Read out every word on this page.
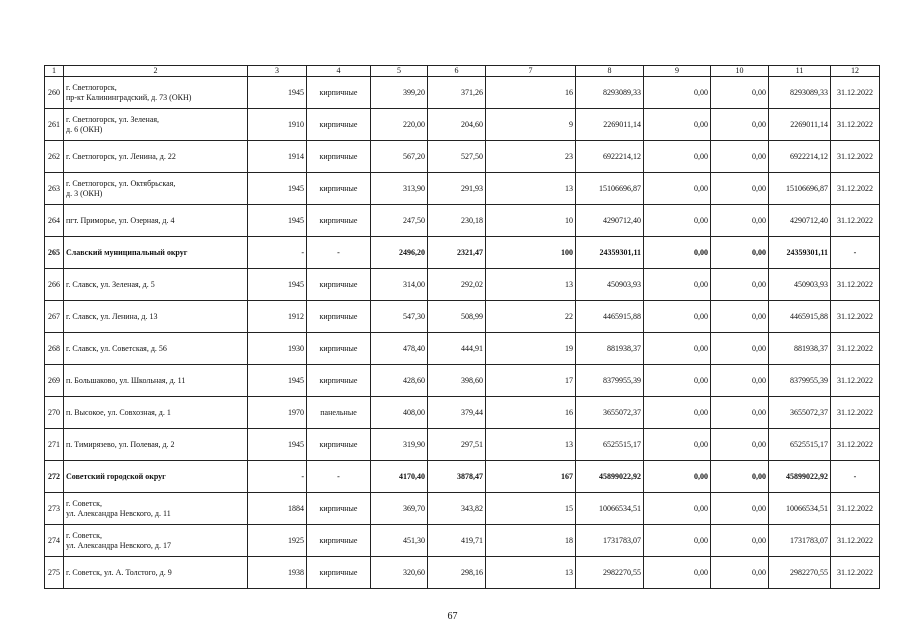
1	2	3	4	5	6	7	8	9	10	11	12
260	г. Светлогорск,
пр-кт Калининградский, д. 73 (ОКН)	1945	кирпичные	399,20	371,26	16	8293089,33	0,00	0,00	8293089,33	31.12.2022
261	г. Светлогорск, ул. Зеленая,
д. 6 (ОКН)	1910	кирпичные	220,00	204,60	9	2269011,14	0,00	0,00	2269011,14	31.12.2022
262	г. Светлогорск, ул. Ленина, д. 22	1914	кирпичные	567,20	527,50	23	6922214,12	0,00	0,00	6922214,12	31.12.2022
263	г. Светлогорск, ул. Октябрьская,
д. 3 (ОКН)	1945	кирпичные	313,90	291,93	13	15106696,87	0,00	0,00	15106696,87	31.12.2022
264	пгт. Приморье, ул. Озерная, д. 4	1945	кирпичные	247,50	230,18	10	4290712,40	0,00	0,00	4290712,40	31.12.2022
265	Славский муниципальный округ	-	-	2496,20	2321,47	100	24359301,11	0,00	0,00	24359301,11	-
266	г. Славск, ул. Зеленая, д. 5	1945	кирпичные	314,00	292,02	13	450903,93	0,00	0,00	450903,93	31.12.2022
267	г. Славск, ул. Ленина, д. 13	1912	кирпичные	547,30	508,99	22	4465915,88	0,00	0,00	4465915,88	31.12.2022
268	г. Славск, ул. Советская, д. 56	1930	кирпичные	478,40	444,91	19	881938,37	0,00	0,00	881938,37	31.12.2022
269	п. Большаково, ул. Школьная, д. 11	1945	кирпичные	428,60	398,60	17	8379955,39	0,00	0,00	8379955,39	31.12.2022
270	п. Высокое, ул. Совхозная, д. 1	1970	панельные	408,00	379,44	16	3655072,37	0,00	0,00	3655072,37	31.12.2022
271	п. Тимирязево, ул. Полевая, д. 2	1945	кирпичные	319,90	297,51	13	6525515,17	0,00	0,00	6525515,17	31.12.2022
272	Советский городской округ	-	-	4170,40	3878,47	167	45899022,92	0,00	0,00	45899022,92	-
273	г. Советск,
ул. Александра Невского, д. 11	1884	кирпичные	369,70	343,82	15	10066534,51	0,00	0,00	10066534,51	31.12.2022
274	г. Советск,
ул. Александра Невского, д. 17	1925	кирпичные	451,30	419,71	18	1731783,07	0,00	0,00	1731783,07	31.12.2022
275	г. Советск, ул. А. Толстого, д. 9	1938	кирпичные	320,60	298,16	13	2982270,55	0,00	0,00	2982270,55	31.12.2022
67
